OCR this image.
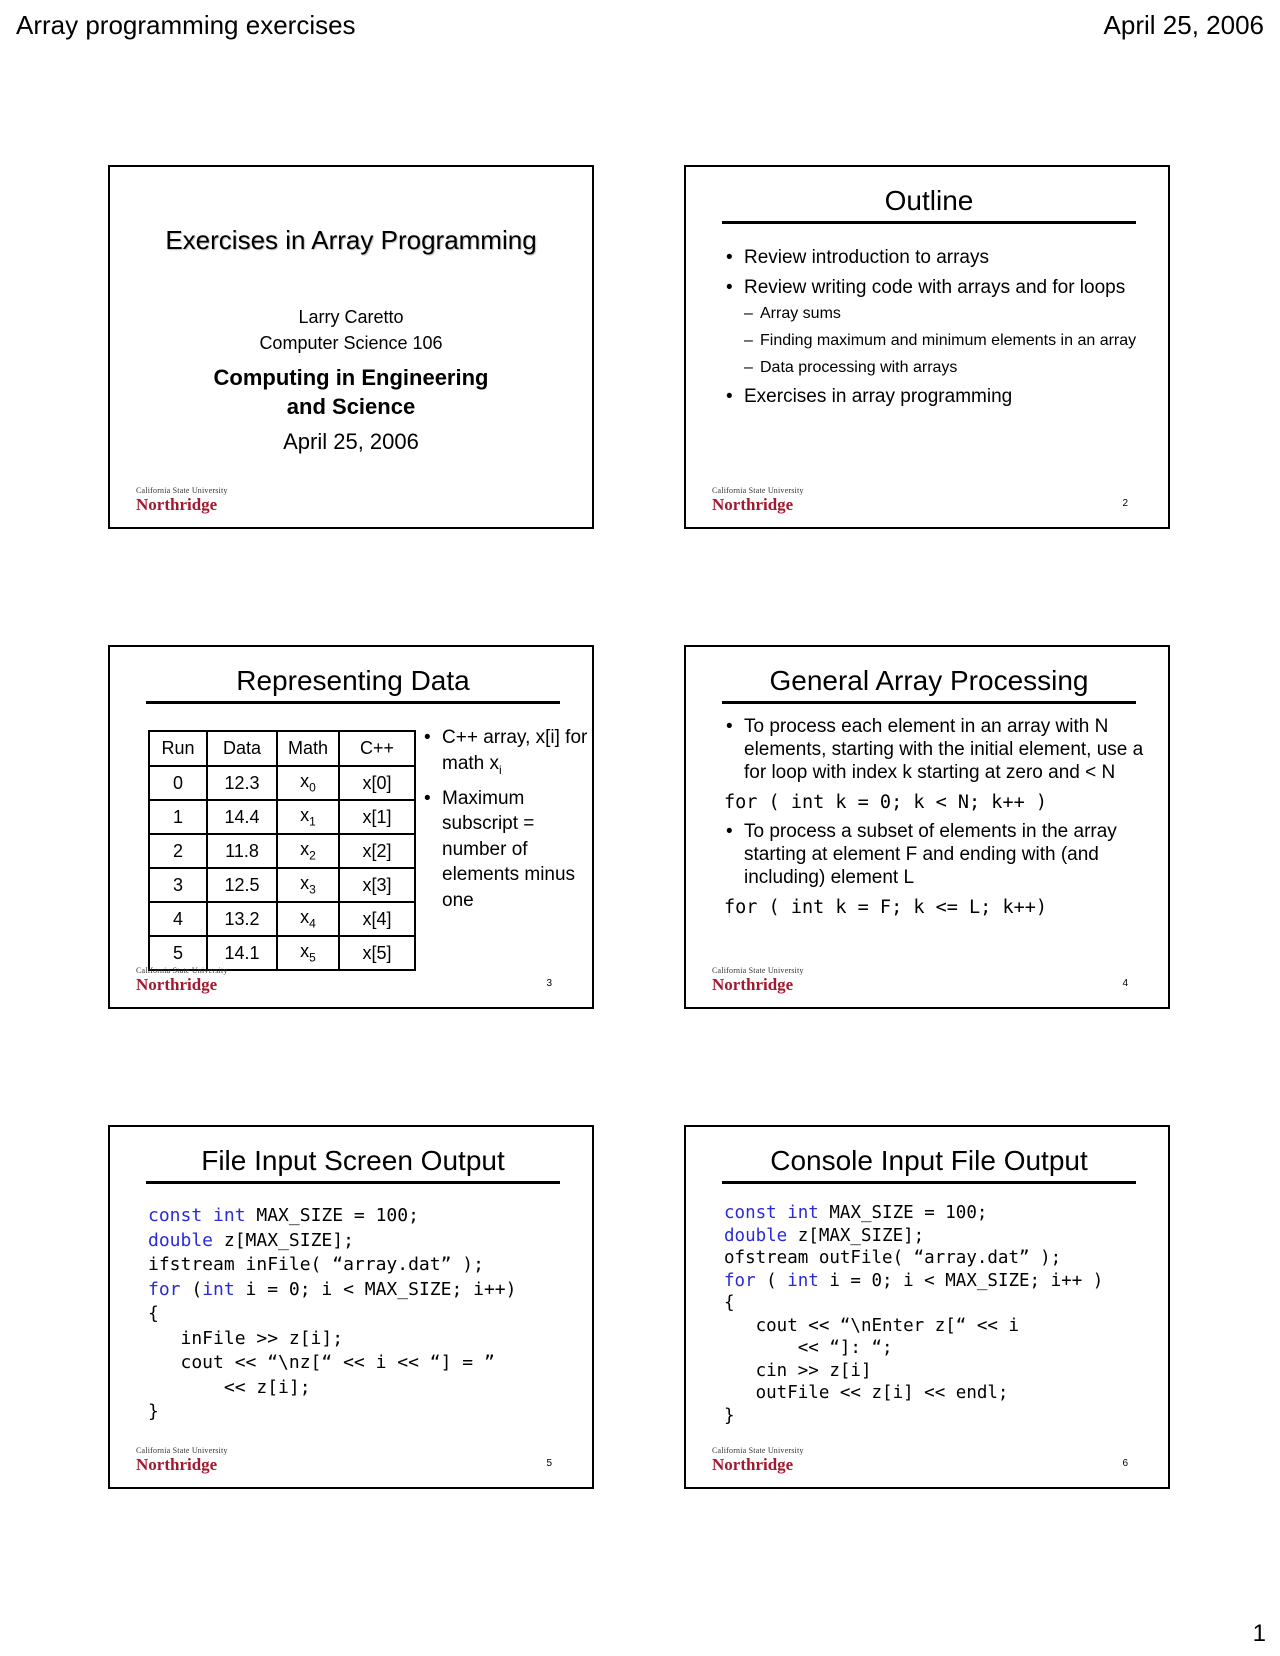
Array programming exercises	April 25, 2006
Exercises in Array Programming
Larry Caretto
Computer Science 106
Computing in Engineering
and Science
April 25, 2006
California State University
Northridge
Outline
• Review introduction to arrays
• Review writing code with arrays and for loops
– Array sums
– Finding maximum and minimum elements in an array
– Data processing with arrays
• Exercises in array programming
California State University
Northridge	2
Representing Data
Run	Data	Math	C++
0	12.3	$x_0$	x[0]
1	14.4	$x_1$	x[1]
2	11.8	$x_2$	x[2]
3	12.5	$x_3$	x[3]
4	13.2	$x_4$	x[4]
5	14.1	$x_5$	x[5]
• C++ array, x[i] for math $x_i$
• Maximum subscript = number of elements minus one
California State University
Northridge	3
General Array Processing
• To process each element in an array with N elements, starting with the initial element, use a for loop with index k starting at zero and < N
for ( int k = 0; k < N; k++ )
• To process a subset of elements in the array starting at element F and ending with (and including) element L
for ( int k = F; k <= L; k++)
California State University
Northridge	4
File Input Screen Output
const int MAX_SIZE = 100;
double z[MAX_SIZE];
ifstream inFile( “array.dat” );
for (int i = 0; i < MAX_SIZE; i++)
{
inFile >> z[i];
cout << “\nz[“ << i << “] = ”
<< z[i];
}
California State University
Northridge	5
Console Input File Output
const int MAX_SIZE = 100;
double z[MAX_SIZE];
ofstream outFile( “array.dat” );
for ( int i = 0; i < MAX_SIZE; i++ )
{
cout << “\nEnter z[“ << i
<< “]: “;
cin >> z[i]
outFile << z[i] << endl;
}
California State University
Northridge	6
1
